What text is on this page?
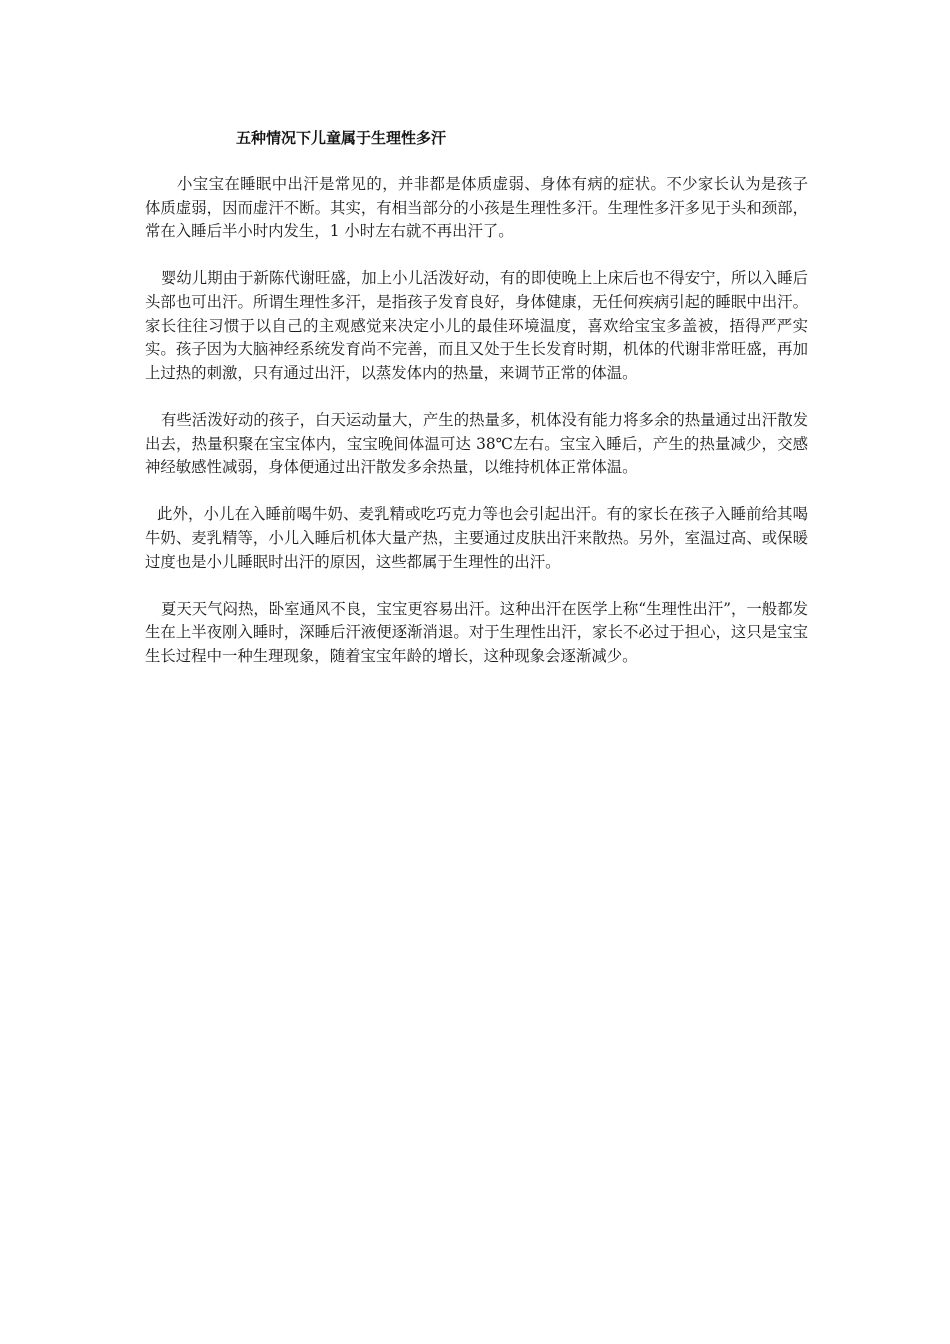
五种情况下儿童属于生理性多汗

小宝宝在睡眠中出汗是常见的，并非都是体质虚弱、身体有病的症状。不少家长认为是孩子体质虚弱，因而虚汗不断。其实，有相当部分的小孩是生理性多汗。生理性多汗多见于头和颈部，常在入睡后半小时内发生，1 小时左右就不再出汗了。

婴幼儿期由于新陈代谢旺盛，加上小儿活泼好动，有的即使晚上上床后也不得安宁，所以入睡后头部也可出汗。所谓生理性多汗，是指孩子发育良好，身体健康，无任何疾病引起的睡眠中出汗。家长往往习惯于以自己的主观感觉来决定小儿的最佳环境温度，喜欢给宝宝多盖被，捂得严严实实。孩子因为大脑神经系统发育尚不完善，而且又处于生长发育时期，机体的代谢非常旺盛，再加上过热的刺激，只有通过出汗，以蒸发体内的热量，来调节正常的体温。

有些活泼好动的孩子，白天运动量大，产生的热量多，机体没有能力将多余的热量通过出汗散发出去，热量积聚在宝宝体内，宝宝晚间体温可达 38℃左右。宝宝入睡后，产生的热量减少，交感神经敏感性减弱，身体便通过出汗散发多余热量，以维持机体正常体温。

此外，小儿在入睡前喝牛奶、麦乳精或吃巧克力等也会引起出汗。有的家长在孩子入睡前给其喝牛奶、麦乳精等，小儿入睡后机体大量产热，主要通过皮肤出汗来散热。另外，室温过高、或保暖过度也是小儿睡眠时出汗的原因，这些都属于生理性的出汗。

夏天天气闷热，卧室通风不良，宝宝更容易出汗。这种出汗在医学上称“生理性出汗”，一般都发生在上半夜刚入睡时，深睡后汗液便逐渐消退。对于生理性出汗，家长不必过于担心，这只是宝宝生长过程中一种生理现象，随着宝宝年龄的增长，这种现象会逐渐减少。
